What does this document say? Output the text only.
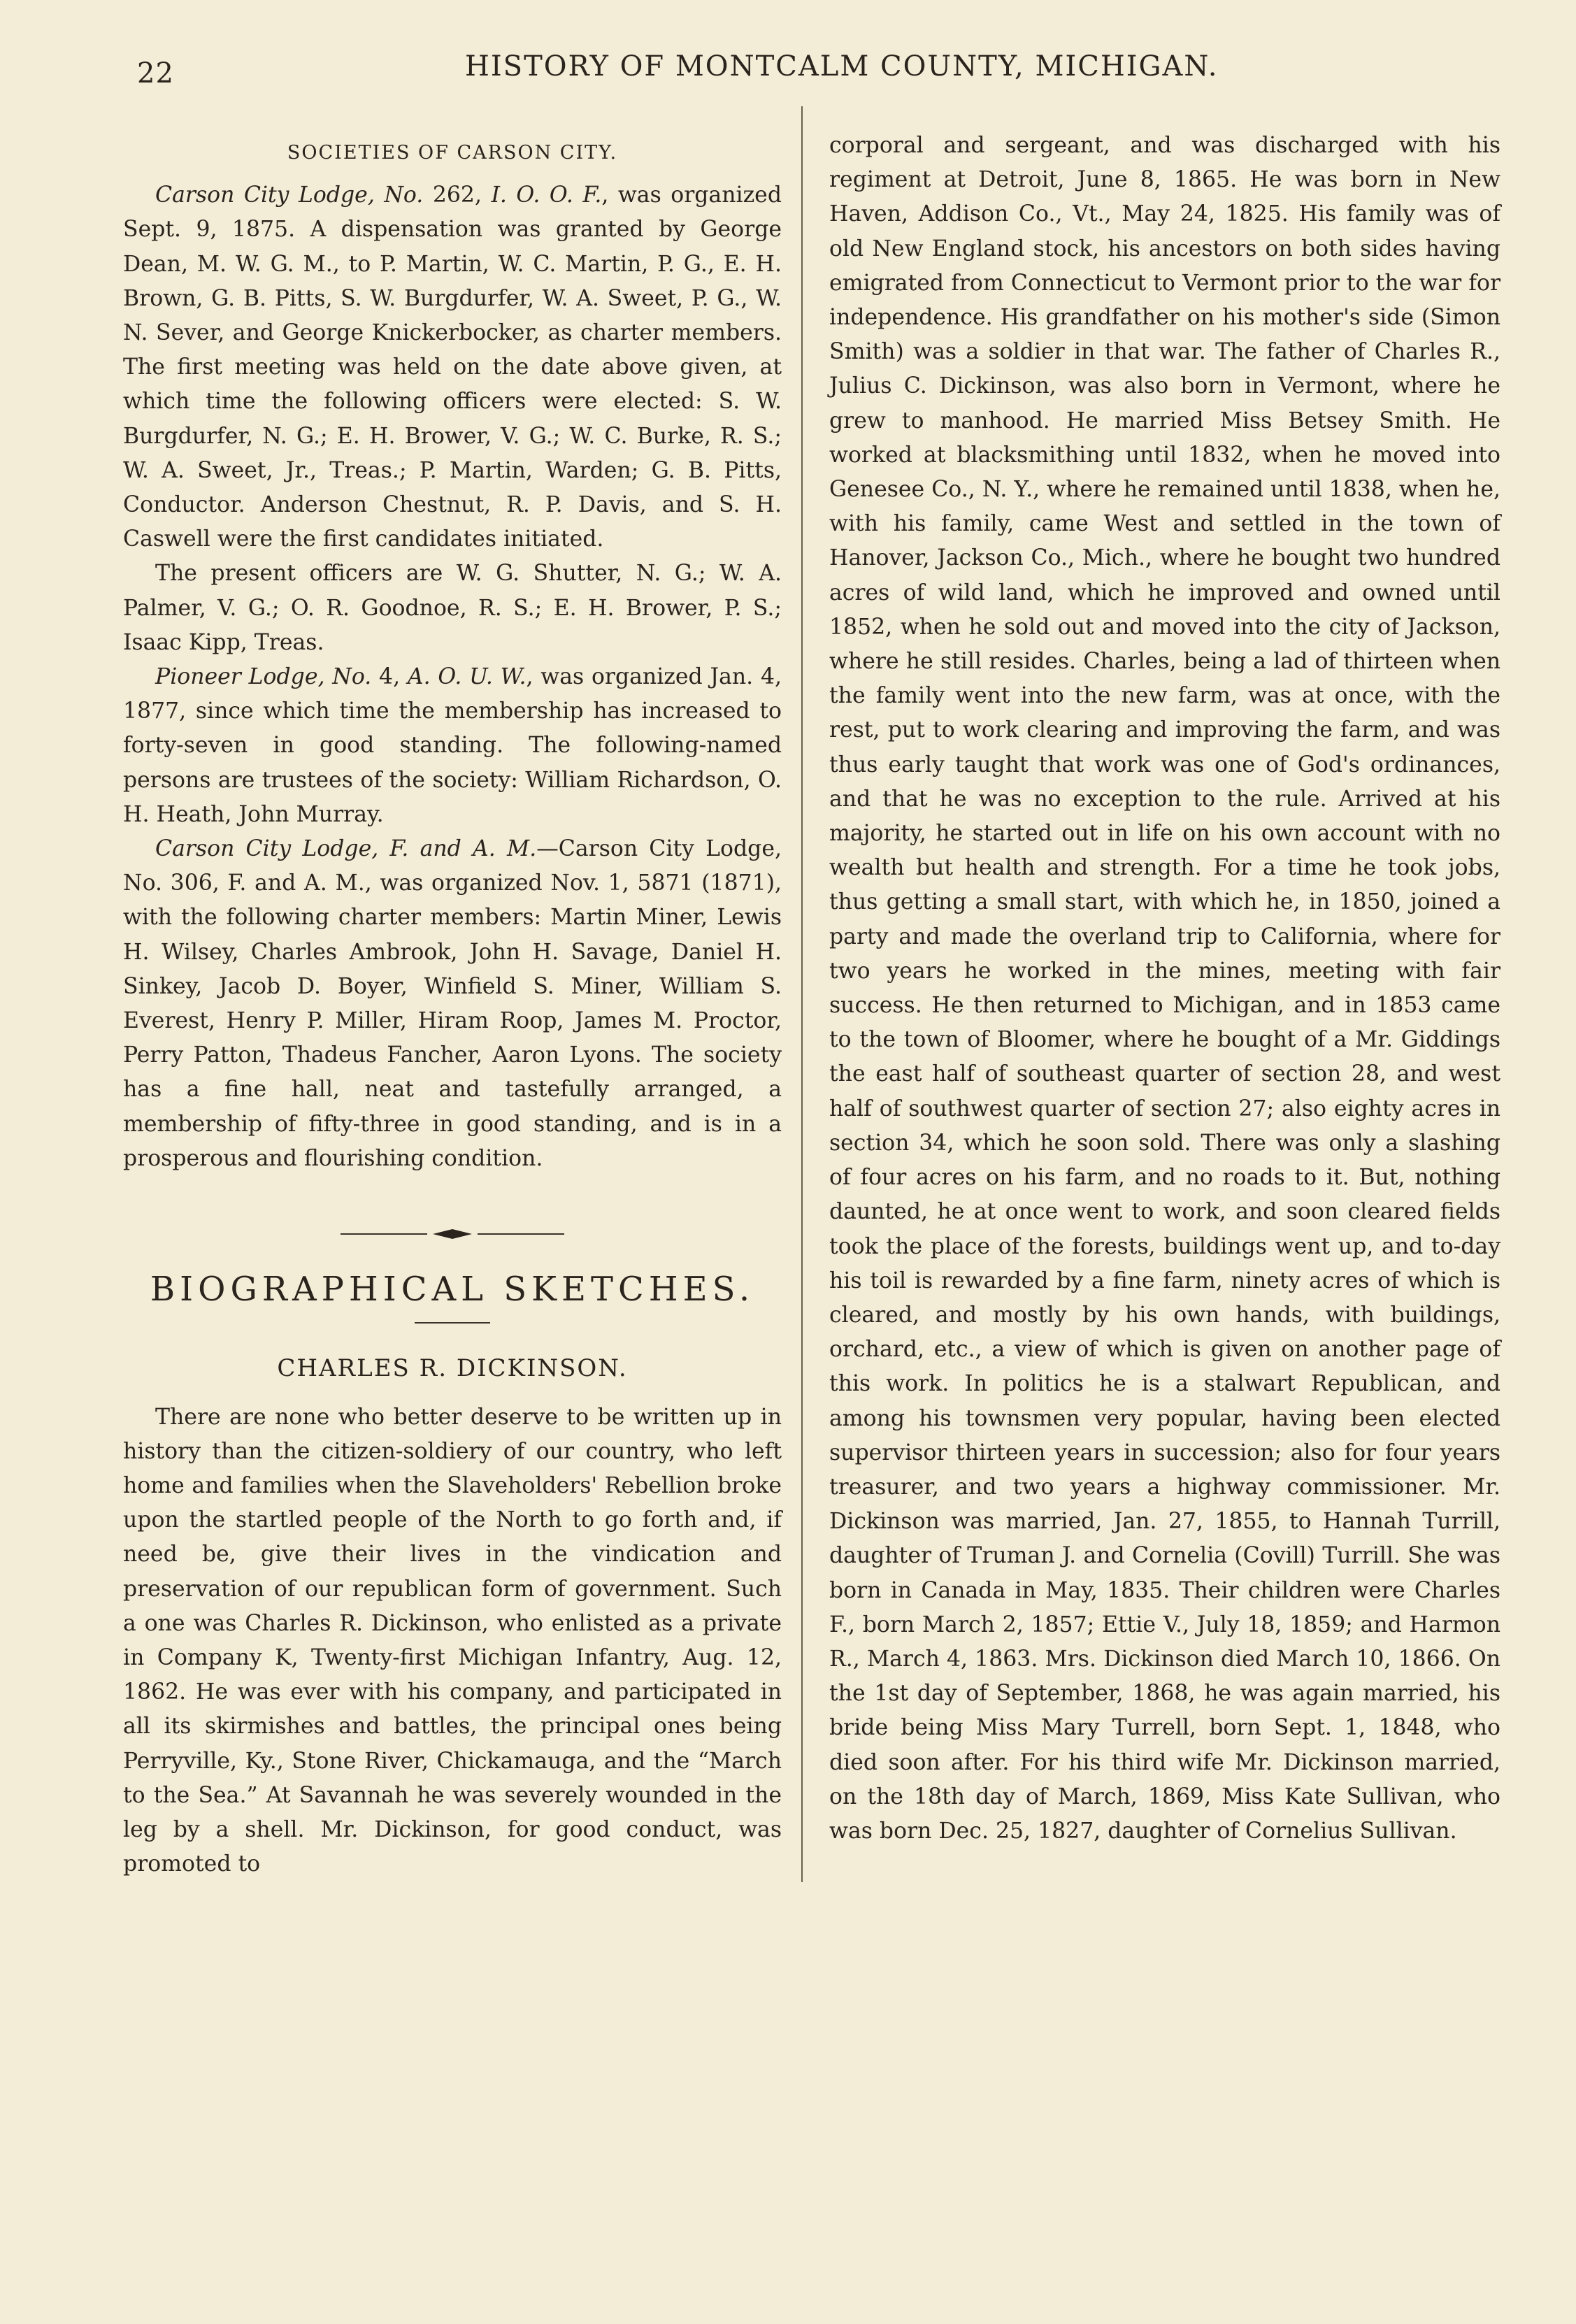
22	HISTORY OF MONTCALM COUNTY, MICHIGAN.
SOCIETIES OF CARSON CITY.

Carson City Lodge, No. 262, I. O. O. F., was organized Sept. 9, 1875. A dispensation was granted by George Dean, M. W. G. M., to P. Martin, W. C. Martin, P. G., E. H. Brown, G. B. Pitts, S. W. Burgdurfer, W. A. Sweet, P. G., W. N. Sever, and George Knickerbocker, as charter members. The first meeting was held on the date above given, at which time the following officers were elected: S. W. Burgdurfer, N. G.; E. H. Brower, V. G.; W. C. Burke, R. S.; W. A. Sweet, Jr., Treas.; P. Martin, Warden; G. B. Pitts, Conductor. Anderson Chestnut, R. P. Davis, and S. H. Caswell were the first candidates initiated.

The present officers are W. G. Shutter, N. G.; W. A. Palmer, V. G.; O. R. Goodnoe, R. S.; E. H. Brower, P. S.; Isaac Kipp, Treas.

Pioneer Lodge, No. 4, A. O. U. W., was organized Jan. 4, 1877, since which time the membership has increased to forty-seven in good standing. The following-named persons are trustees of the society: William Richardson, O. H. Heath, John Murray.

Carson City Lodge, F. and A. M.—Carson City Lodge, No. 306, F. and A. M., was organized Nov. 1, 5871 (1871), with the following charter members: Martin Miner, Lewis H. Wilsey, Charles Ambrook, John H. Savage, Daniel H. Sinkey, Jacob D. Boyer, Winfield S. Miner, William S. Everest, Henry P. Miller, Hiram Roop, James M. Proctor, Perry Patton, Thadeus Fancher, Aaron Lyons. The society has a fine hall, neat and tastefully arranged, a membership of fifty-three in good standing, and is in a prosperous and flourishing condition.

BIOGRAPHICAL SKETCHES.
CHARLES R. DICKINSON.

There are none who better deserve to be written up in history than the citizen-soldiery of our country, who left home and families when the Slaveholders' Rebellion broke upon the startled people of the North to go forth and, if need be, give their lives in the vindication and preservation of our republican form of government. Such a one was Charles R. Dickinson, who enlisted as a private in Company K, Twenty-first Michigan Infantry, Aug. 12, 1862. He was ever with his company, and participated in all its skirmishes and battles, the principal ones being Perryville, Ky., Stone River, Chickamauga, and the “March to the Sea.” At Savannah he was severely wounded in the leg by a shell. Mr. Dickinson, for good conduct, was promoted to

corporal and sergeant, and was discharged with his regiment at Detroit, June 8, 1865. He was born in New Haven, Addison Co., Vt., May 24, 1825. His family was of old New England stock, his ancestors on both sides having emigrated from Connecticut to Vermont prior to the war for independence. His grandfather on his mother's side (Simon Smith) was a soldier in that war. The father of Charles R., Julius C. Dickinson, was also born in Vermont, where he grew to manhood. He married Miss Betsey Smith. He worked at blacksmithing until 1832, when he moved into Genesee Co., N. Y., where he remained until 1838, when he, with his family, came West and settled in the town of Hanover, Jackson Co., Mich., where he bought two hundred acres of wild land, which he improved and owned until 1852, when he sold out and moved into the city of Jackson, where he still resides. Charles, being a lad of thirteen when the family went into the new farm, was at once, with the rest, put to work clearing and improving the farm, and was thus early taught that work was one of God's ordinances, and that he was no exception to the rule. Arrived at his majority, he started out in life on his own account with no wealth but health and strength. For a time he took jobs, thus getting a small start, with which he, in 1850, joined a party and made the overland trip to California, where for two years he worked in the mines, meeting with fair success. He then returned to Michigan, and in 1853 came to the town of Bloomer, where he bought of a Mr. Giddings the east half of southeast quarter of section 28, and west half of southwest quarter of section 27; also eighty acres in section 34, which he soon sold. There was only a slashing of four acres on his farm, and no roads to it. But, nothing daunted, he at once went to work, and soon cleared fields took the place of the forests, buildings went up, and to-day his toil is rewarded by a fine farm, ninety acres of which is cleared, and mostly by his own hands, with buildings, orchard, etc., a view of which is given on another page of this work. In politics he is a stalwart Republican, and among his townsmen very popular, having been elected supervisor thirteen years in succession; also for four years treasurer, and two years a highway commissioner. Mr. Dickinson was married, Jan. 27, 1855, to Hannah Turrill, daughter of Truman J. and Cornelia (Covill) Turrill. She was born in Canada in May, 1835. Their children were Charles F., born March 2, 1857; Ettie V., July 18, 1859; and Harmon R., March 4, 1863. Mrs. Dickinson died March 10, 1866. On the 1st day of September, 1868, he was again married, his bride being Miss Mary Turrell, born Sept. 1, 1848, who died soon after. For his third wife Mr. Dickinson married, on the 18th day of March, 1869, Miss Kate Sullivan, who was born Dec. 25, 1827, daughter of Cornelius Sullivan.
